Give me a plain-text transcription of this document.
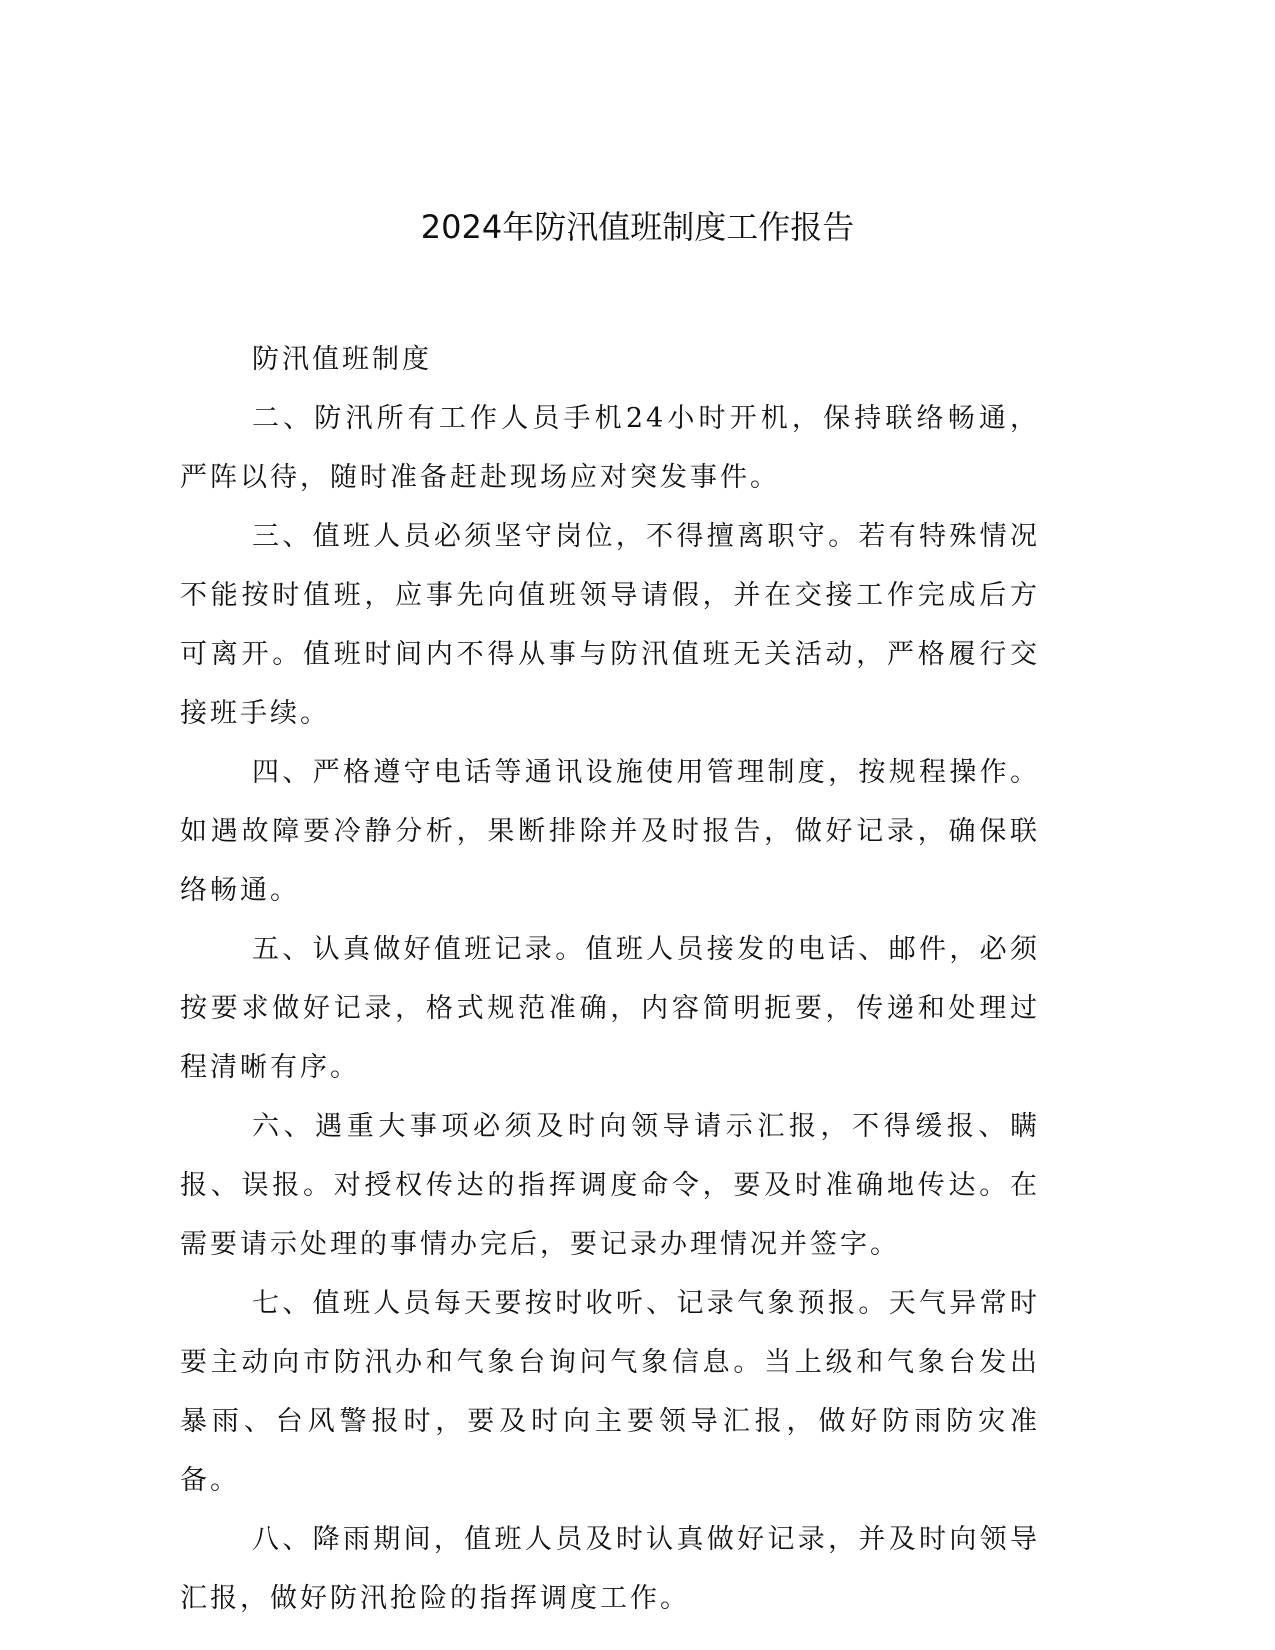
2024年防汛值班制度工作报告

防汛值班制度

二、防汛所有工作人员手机24小时开机，保持联络畅通，严阵以待，随时准备赶赴现场应对突发事件。

三、值班人员必须坚守岗位，不得擅离职守。若有特殊情况不能按时值班，应事先向值班领导请假，并在交接工作完成后方可离开。值班时间内不得从事与防汛值班无关活动，严格履行交接班手续。

四、严格遵守电话等通讯设施使用管理制度，按规程操作。如遇故障要冷静分析，果断排除并及时报告，做好记录，确保联络畅通。

五、认真做好值班记录。值班人员接发的电话、邮件，必须按要求做好记录，格式规范准确，内容简明扼要，传递和处理过程清晰有序。

六、遇重大事项必须及时向领导请示汇报，不得缓报、瞒报、误报。对授权传达的指挥调度命令，要及时准确地传达。在需要请示处理的事情办完后，要记录办理情况并签字。

七、值班人员每天要按时收听、记录气象预报。天气异常时要主动向市防汛办和气象台询问气象信息。当上级和气象台发出暴雨、台风警报时，要及时向主要领导汇报，做好防雨防灾准备。

八、降雨期间，值班人员及时认真做好记录，并及时向领导汇报，做好防汛抢险的指挥调度工作。
